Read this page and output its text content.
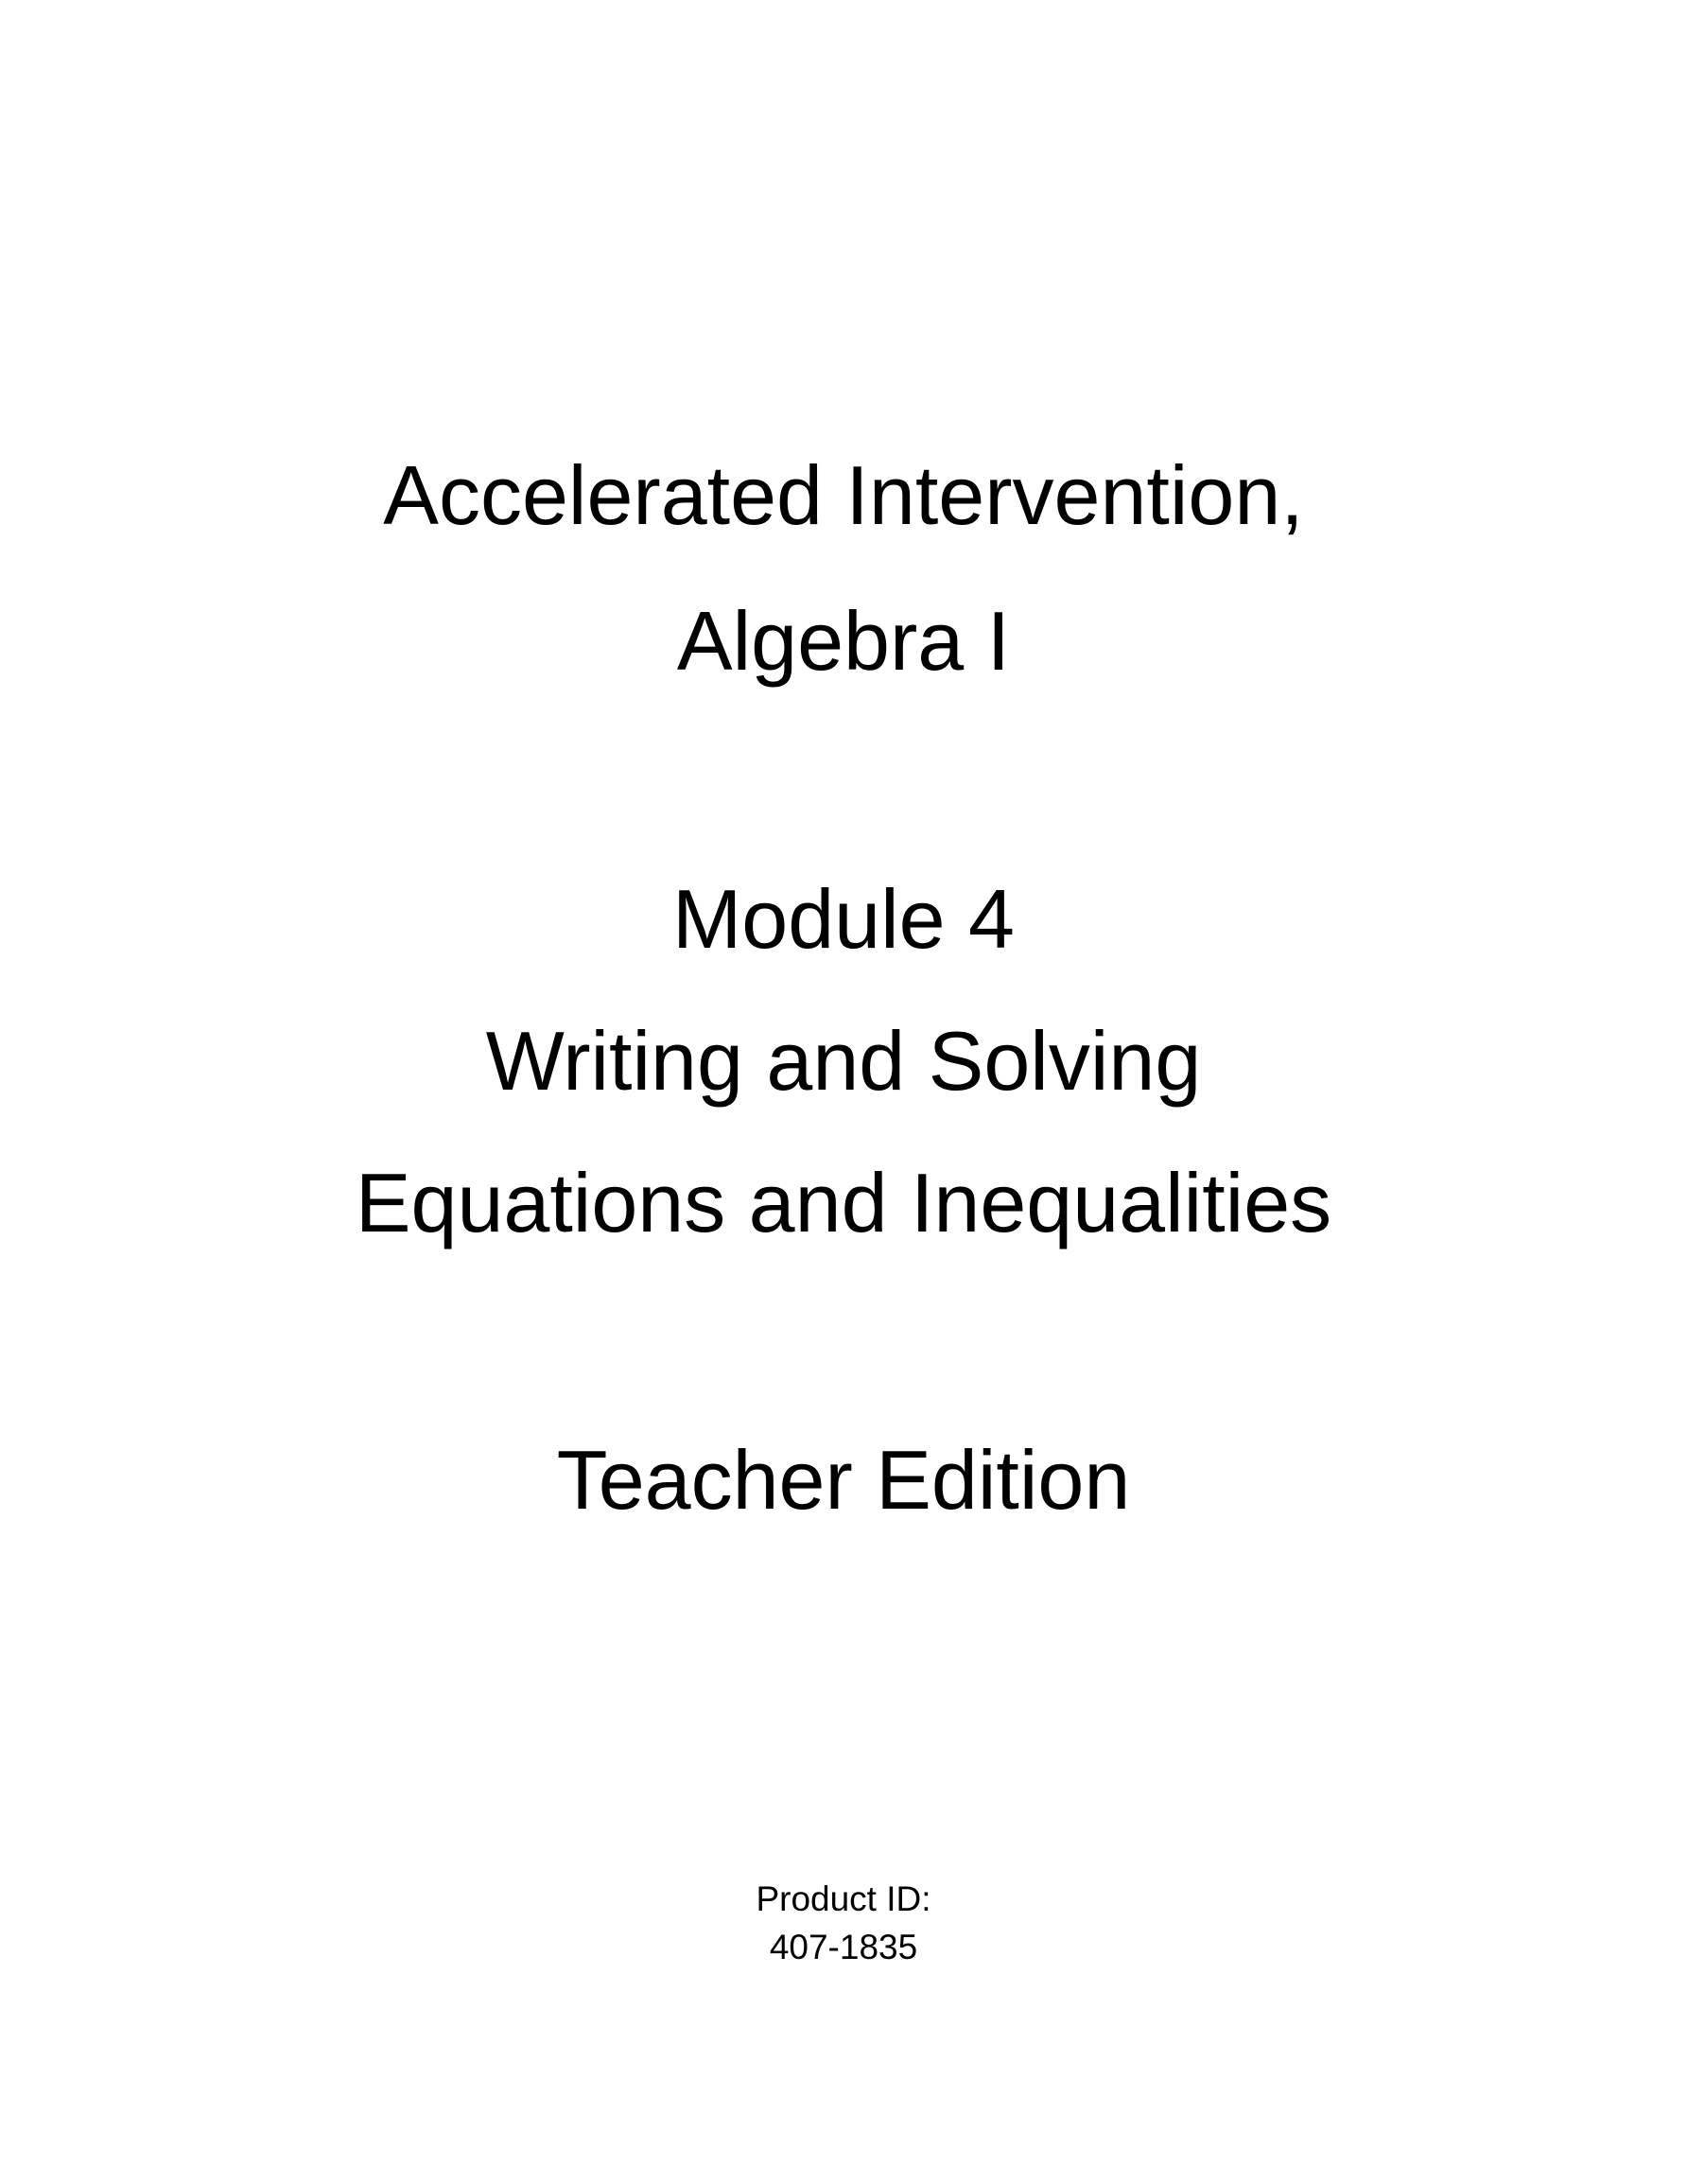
Accelerated Intervention,
Algebra I
Module 4
Writing and Solving
Equations and Inequalities
Teacher Edition
Product ID:
407-1835
